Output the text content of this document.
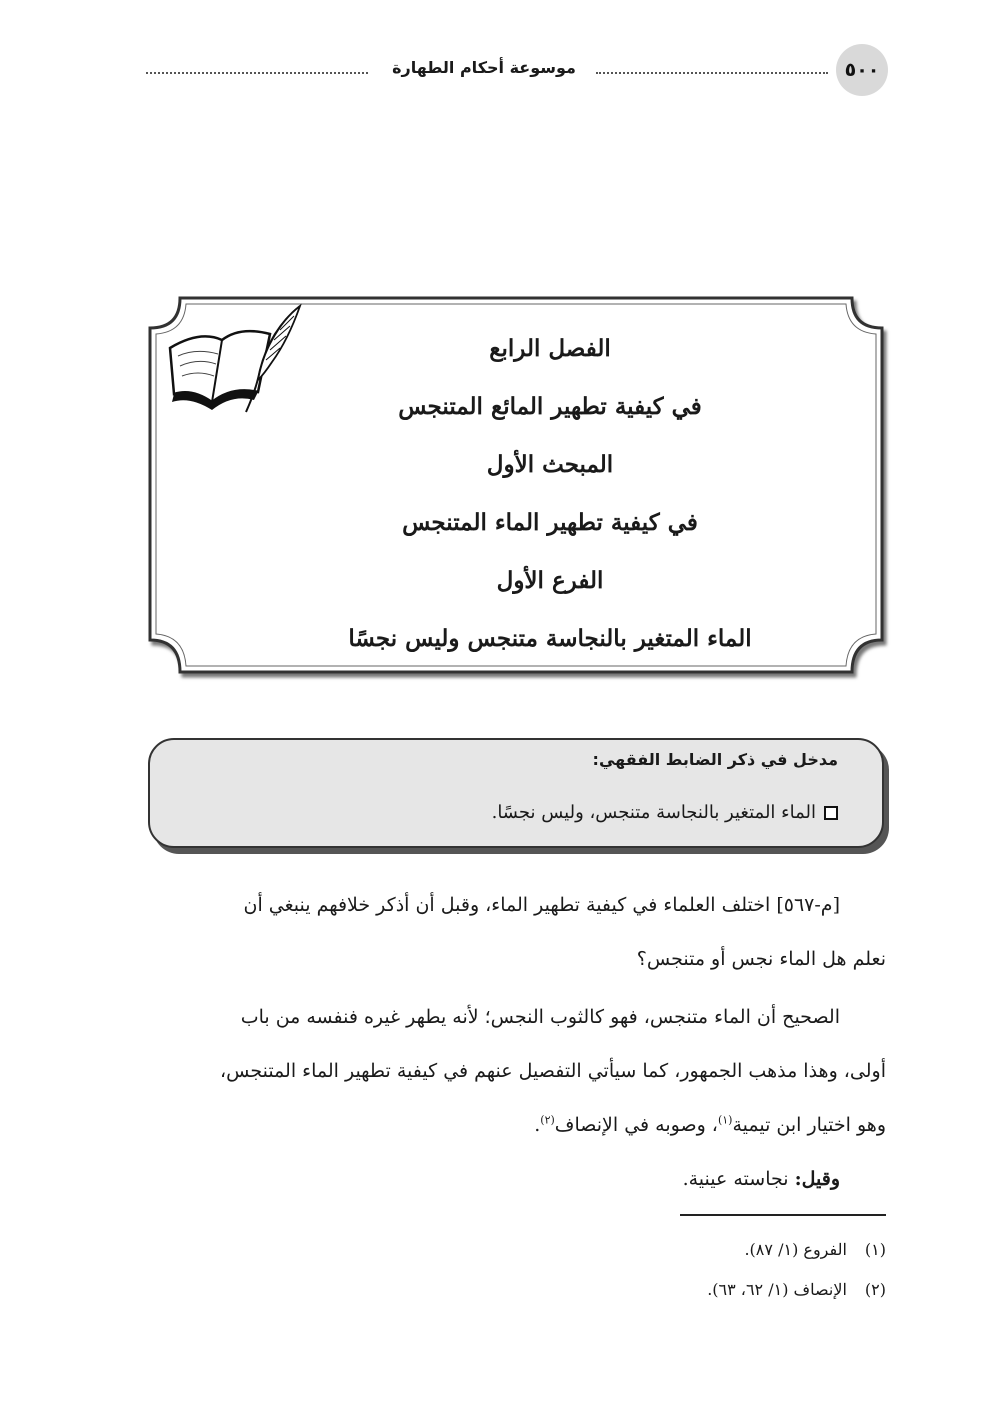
٥٠٠
موسوعة أحكام الطهارة
الفصل الرابع
في كيفية تطهير المائع المتنجس
المبحث الأول
في كيفية تطهير الماء المتنجس
الفرع الأول
الماء المتغير بالنجاسة متنجس وليس نجسًا
مدخل في ذكر الضابط الفقهي:
الماء المتغير بالنجاسة متنجس، وليس نجسًا.
[م-٥٦٧] اختلف العلماء في كيفية تطهير الماء، وقبل أن أذكر خلافهم ينبغي أن
نعلم هل الماء نجس أو متنجس؟
الصحيح أن الماء متنجس، فهو كالثوب النجس؛ لأنه يطهر غيره فنفسه من باب
أولى، وهذا مذهب الجمهور، كما سيأتي التفصيل عنهم في كيفية تطهير الماء المتنجس،
وهو اختيار ابن تيمية$^{(١)}$، وصوبه في الإنصاف$^{(٢)}$.
وقيل: نجاسته عينية.
(١)الفروع (١/ ٨٧).
(٢)الإنصاف (١/ ٦٢، ٦٣).
